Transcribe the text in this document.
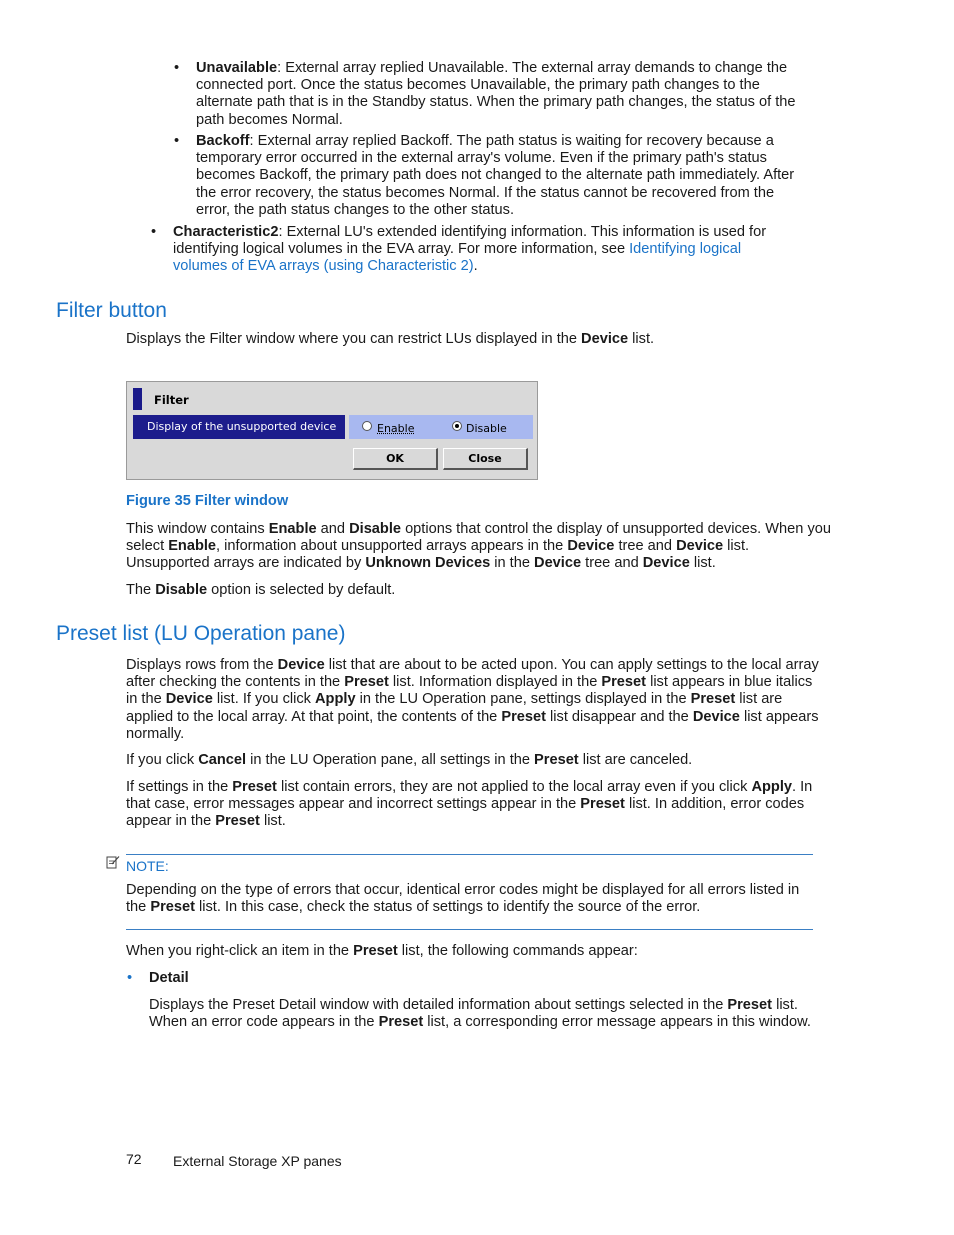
• Unavailable: External array replied Unavailable. The external array demands to change the connected port. Once the status becomes Unavailable, the primary path changes to the alternate path that is in the Standby status. When the primary path changes, the status of the path becomes Normal.

• Backoff: External array replied Backoff. The path status is waiting for recovery because a temporary error occurred in the external array's volume. Even if the primary path's status becomes Backoff, the primary path does not changed to the alternate path immediately. After the error recovery, the status becomes Normal. If the status cannot be recovered from the error, the path status changes to the other status.

• Characteristic2: External LU's extended identifying information. This information is used for identifying logical volumes in the EVA array. For more information, see Identifying logical volumes of EVA arrays (using Characteristic 2).

Filter button

Displays the Filter window where you can restrict LUs displayed in the Device list.

Filter
Display of the unsupported device	Enable	Disable
OK	Close
Figure 35 Filter window

This window contains Enable and Disable options that control the display of unsupported devices. When you select Enable, information about unsupported arrays appears in the Device tree and Device list. Unsupported arrays are indicated by Unknown Devices in the Device tree and Device list.

The Disable option is selected by default.

Preset list (LU Operation pane)

Displays rows from the Device list that are about to be acted upon. You can apply settings to the local array after checking the contents in the Preset list. Information displayed in the Preset list appears in blue italics in the Device list. If you click Apply in the LU Operation pane, settings displayed in the Preset list are applied to the local array. At that point, the contents of the Preset list disappear and the Device list appears normally.

If you click Cancel in the LU Operation pane, all settings in the Preset list are canceled.

If settings in the Preset list contain errors, they are not applied to the local array even if you click Apply. In that case, error messages appear and incorrect settings appear in the Preset list. In addition, error codes appear in the Preset list.

NOTE:

Depending on the type of errors that occur, identical error codes might be displayed for all errors listed in the Preset list. In this case, check the status of settings to identify the source of the error.

When you right-click an item in the Preset list, the following commands appear:

• Detail

Displays the Preset Detail window with detailed information about settings selected in the Preset list. When an error code appears in the Preset list, a corresponding error message appears in this window.

72 External Storage XP panes
